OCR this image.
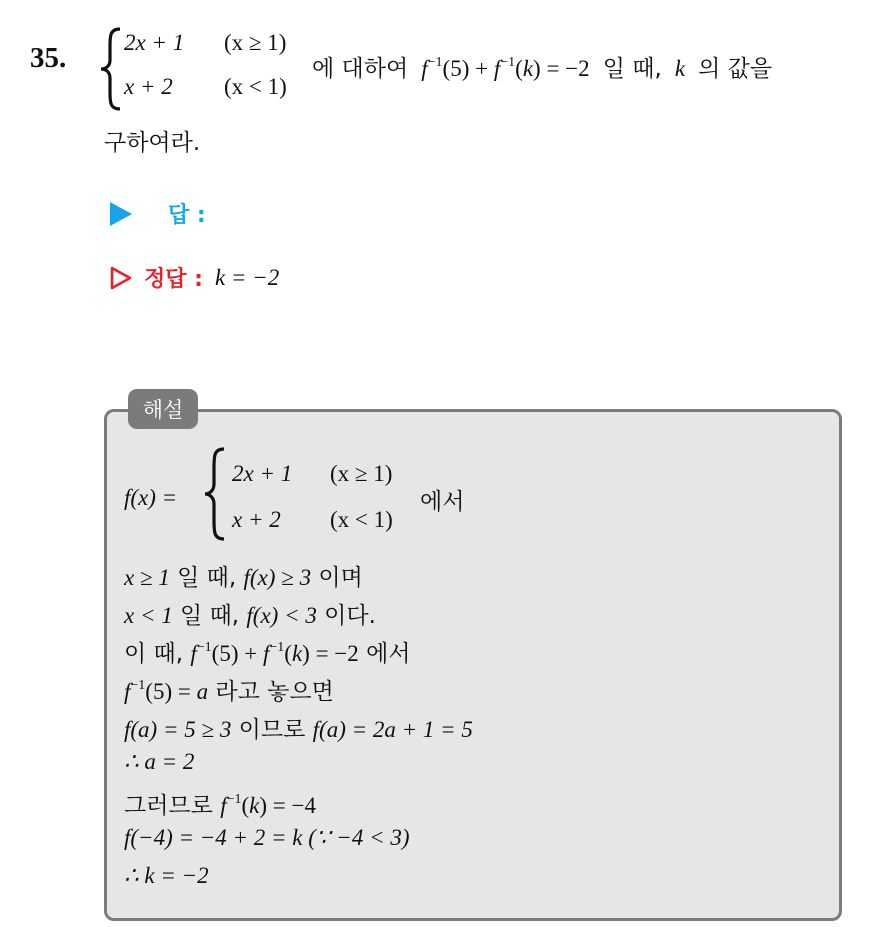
35.	2x + 1 (x ≥ 1)
x + 2 (x < 1)
에 대하여 $f^{-1}(5) + f^{-1}(k) = -2$  일 때,  k  의 값을
구하여라.
답 :
정답 : k = −2
해설
f(x) =
2x + 1 (x ≥ 1)
x + 2 (x < 1)
에서
x ≥ 1 일 때, f(x) ≥ 3 이며
x < 1 일 때, f(x) < 3 이다.
이 때, $f^{-1}(5) + f^{-1}(k) = -2$ 에서
$f^{-1}(5) = a$ 라고 놓으면
f(a) = 5 ≥ 3 이므로 f(a) = 2a + 1 = 5
∴ a = 2
그러므로 $f^{-1}(k) = -4$
f(−4) = −4 + 2 = k (∵ −4 < 3)
∴ k = −2
